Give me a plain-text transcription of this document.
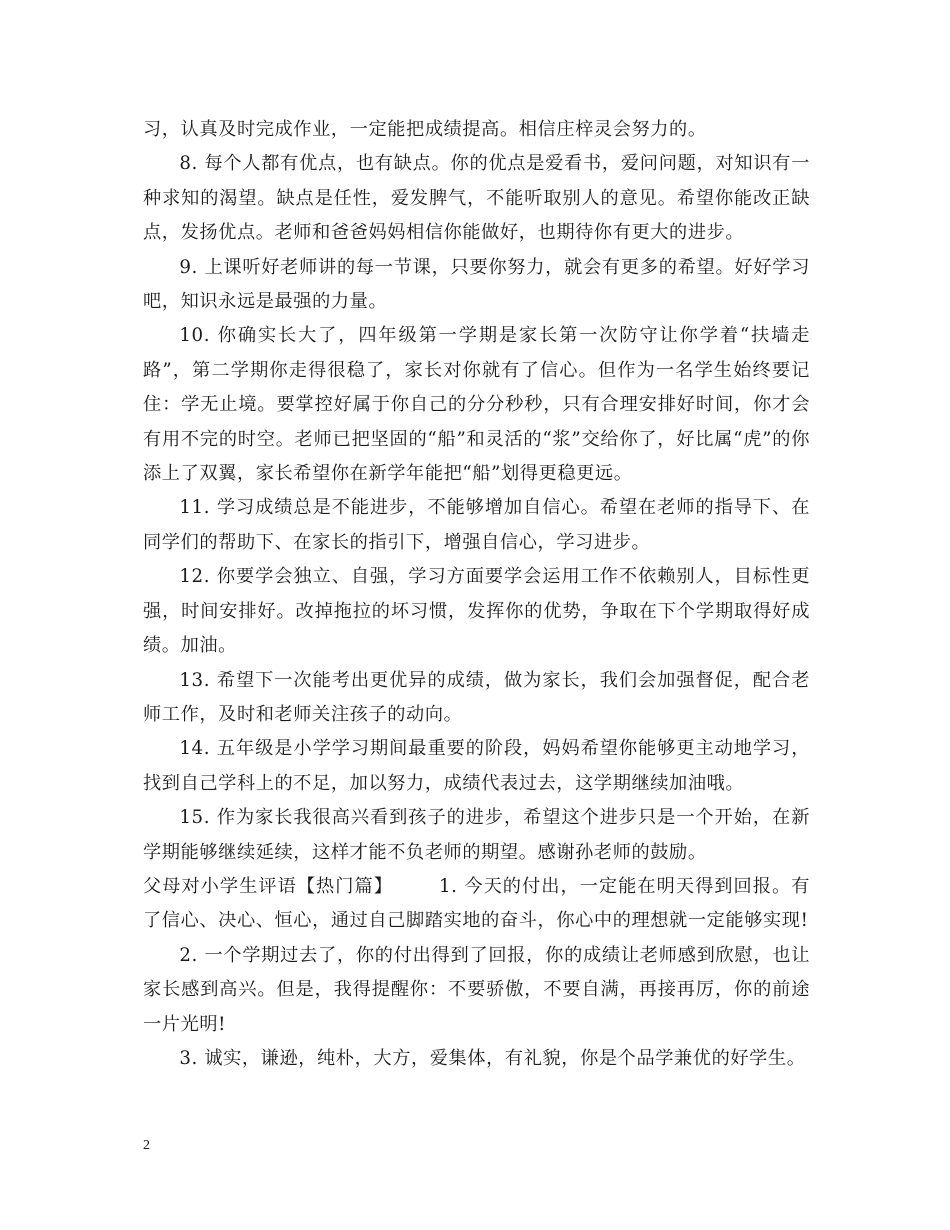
习，认真及时完成作业，一定能把成绩提高。相信庄梓灵会努力的。

8. 每个人都有优点，也有缺点。你的优点是爱看书，爱问问题，对知识有一种求知的渴望。缺点是任性，爱发脾气，不能听取别人的意见。希望你能改正缺点，发扬优点。老师和爸爸妈妈相信你能做好，也期待你有更大的进步。

9. 上课听好老师讲的每一节课，只要你努力，就会有更多的希望。好好学习吧，知识永远是最强的力量。

10. 你确实长大了，四年级第一学期是家长第一次防守让你学着“扶墙走路”，第二学期你走得很稳了，家长对你就有了信心。但作为一名学生始终要记住：学无止境。要掌控好属于你自己的分分秒秒，只有合理安排好时间，你才会有用不完的时空。老师已把坚固的“船”和灵活的“浆”交给你了，好比属“虎”的你添上了双翼，家长希望你在新学年能把“船”划得更稳更远。

11. 学习成绩总是不能进步，不能够增加自信心。希望在老师的指导下、在同学们的帮助下、在家长的指引下，增强自信心，学习进步。

12. 你要学会独立、自强，学习方面要学会运用工作不依赖别人，目标性更强，时间安排好。改掉拖拉的坏习惯，发挥你的优势，争取在下个学期取得好成绩。加油。

13. 希望下一次能考出更优异的成绩，做为家长，我们会加强督促，配合老师工作，及时和老师关注孩子的动向。

14. 五年级是小学学习期间最重要的阶段，妈妈希望你能够更主动地学习，找到自己学科上的不足，加以努力，成绩代表过去，这学期继续加油哦。

15. 作为家长我很高兴看到孩子的进步，希望这个进步只是一个开始，在新学期能够继续延续，这样才能不负老师的期望。感谢孙老师的鼓励。

父母对小学生评语【热门篇】	1. 今天的付出，一定能在明天得到回报。有了信心、决心、恒心，通过自己脚踏实地的奋斗，你心中的理想就一定能够实现!

2. 一个学期过去了，你的付出得到了回报，你的成绩让老师感到欣慰，也让家长感到高兴。但是，我得提醒你：不要骄傲，不要自满，再接再厉，你的前途一片光明!

3. 诚实，谦逊，纯朴，大方，爱集体，有礼貌，你是个品学兼优的好学生。

2
